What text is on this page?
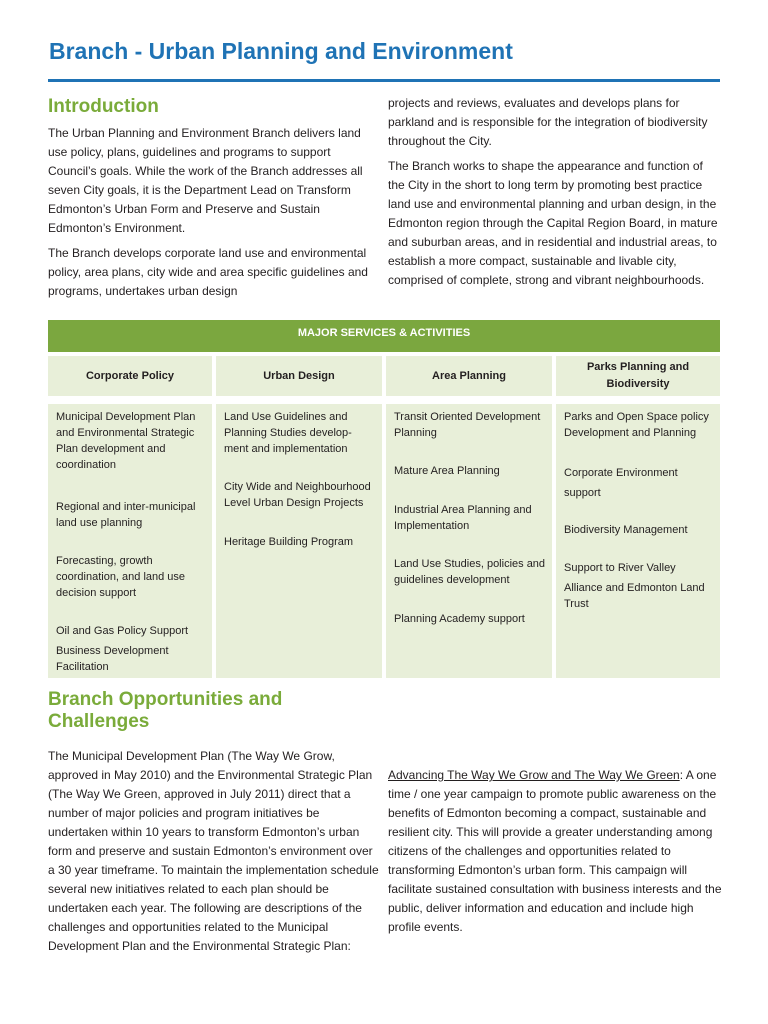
Branch - Urban Planning and Environment
Introduction

The Urban Planning and Environment Branch delivers land use policy, plans, guidelines and programs to support Council’s goals. While the work of the Branch addresses all seven City goals, it is the Department Lead on Transform Edmonton’s Urban Form and Preserve and Sustain Edmonton’s Environment.

The Branch develops corporate land use and environmental policy, area plans, city wide and area specific guidelines and programs, undertakes urban design

projects and reviews, evaluates and develops plans for parkland and is responsible for the integration of biodiversity throughout the City.

The Branch works to shape the appearance and function of the City in the short to long term by promoting best practice land use and environmental planning and urban design, in the Edmonton region through the Capital Region Board, in mature and suburban areas, and in residential and industrial areas, to establish a more compact, sustainable and livable city, comprised of complete, strong and vibrant neighbourhoods.

MAJOR SERVICES & ACTIVITIES
Corporate Policy	Urban Design	Area Planning
Parks Planning and Biodiversity

Municipal Development Plan and Environmental Strategic Plan development and coordination

Regional and inter-municipal land use planning

Forecasting, growth coordination, and land use decision support

Oil and Gas Policy Support

Business Development Facilitation

Land Use Guidelines and Planning Studies develop-ment and implementation

City Wide and Neighbourhood Level Urban Design Projects

Heritage Building Program

Transit Oriented Development Planning

Mature Area Planning

Industrial Area Planning and Implementation

Land Use Studies, policies and guidelines development

Planning Academy support

Parks and Open Space policy Development and Planning

Corporate Environment support

Biodiversity Management

Support to River Valley

Alliance and Edmonton Land Trust

Branch Opportunities and
Challenges

The Municipal Development Plan (The Way We Grow, approved in May 2010) and the Environmental Strategic Plan (The Way We Green, approved in July 2011) direct that a number of major policies and program initiatives be undertaken within 10 years to transform Edmonton’s urban form and preserve and sustain Edmonton’s environment over a 30 year timeframe. To maintain the implementation schedule several new initiatives related to each plan should be undertaken each year. The following are descriptions of the challenges and opportunities related to the Municipal Development Plan and the Environmental Strategic Plan:

Advancing The Way We Grow and The Way We Green: A one time / one year campaign to promote public awareness on the benefits of Edmonton becoming a compact, sustainable and resilient city. This will provide a greater understanding among citizens of the challenges and opportunities related to transforming Edmonton’s urban form. This campaign will facilitate sustained consultation with business interests and the public, deliver information and education and include high profile events.
